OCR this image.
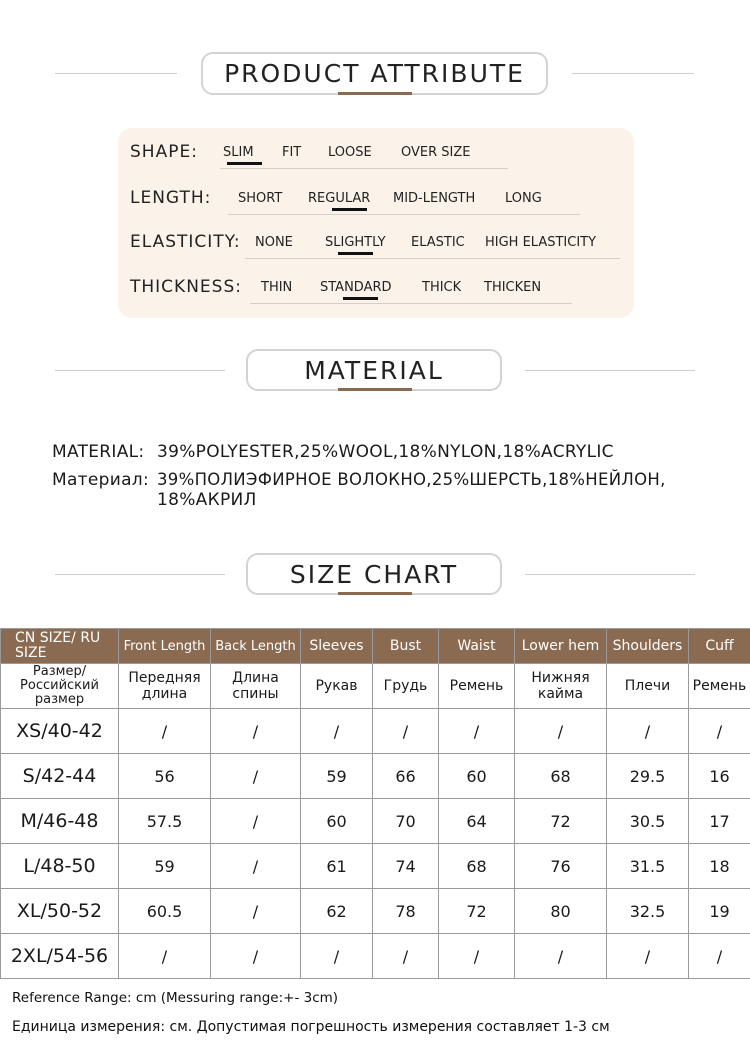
PRODUCT ATTRIBUTE
SHAPE: SLIM FIT LOOSE OVER SIZE
LENGTH: SHORT REGULAR MID-LENGTH LONG
ELASTICITY: NONE SLIGHTLY ELASTIC HIGH ELASTICITY
THICKNESS: THIN STANDARD THICK THICKEN
MATERIAL
MATERIAL: 39%POLYESTER,25%WOOL,18%NYLON,18%ACRYLIC
Материал: 39%ПОЛИЭФИРНОЕ ВОЛОКНО,25%ШЕРСТЬ,18%НЕЙЛОН,
18%АКРИЛ
SIZE CHART
CN SIZE/ RU SIZE	Front Length	Back Length	Sleeves	Bust	Waist	Lower hem	Shoulders	Cuff
Размер/ Российский размер	Передняя длина	Длина спины	Рукав	Грудь	Ремень	Нижняя кайма	Плечи	Ремень
XS/40-42	/	/	/	/	/	/	/	/
S/42-44	56	/	59	66	60	68	29.5	16
M/46-48	57.5	/	60	70	64	72	30.5	17
L/48-50	59	/	61	74	68	76	31.5	18
XL/50-52	60.5	/	62	78	72	80	32.5	19
2XL/54-56	/	/	/	/	/	/	/	/
Reference Range: cm (Messuring range:+- 3cm)
Единица измерения: см. Допустимая погрешность измерения составляет 1-3 см
